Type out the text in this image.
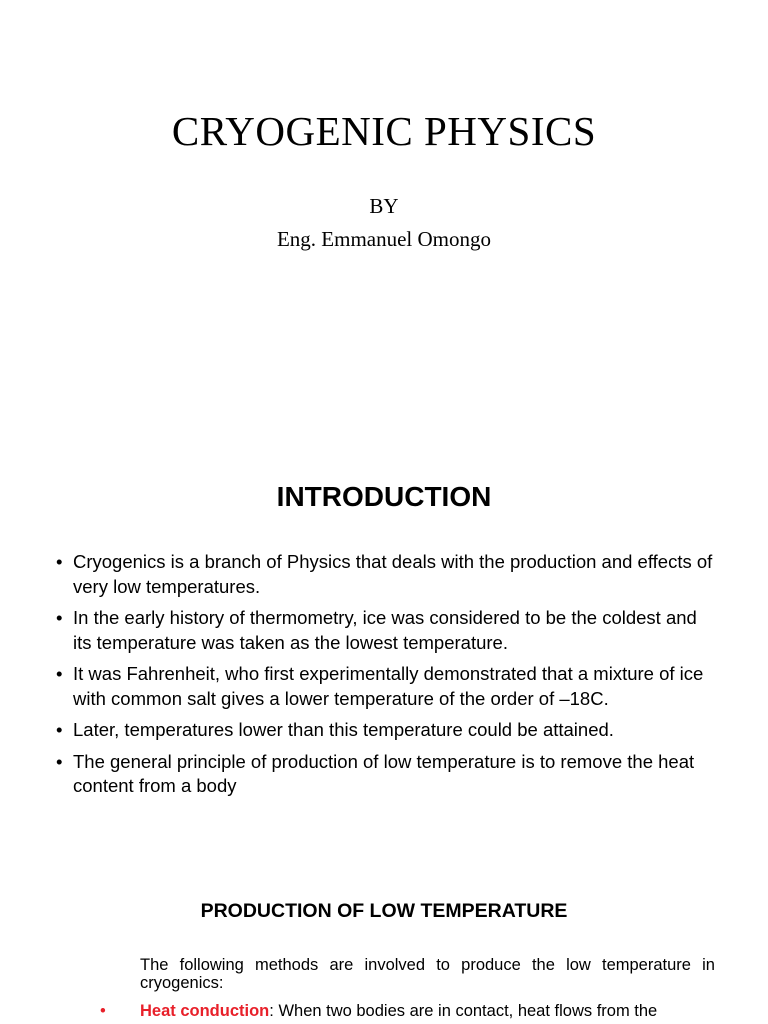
CRYOGENIC PHYSICS
BY
Eng. Emmanuel Omongo
INTRODUCTION
• Cryogenics is a branch of Physics that deals with the production and effects of very low temperatures.
• In the early history of thermometry, ice was considered to be the coldest and its temperature was taken as the lowest temperature.
• It was Fahrenheit, who first experimentally demonstrated that a mixture of ice with common salt gives a lower temperature of the order of –18C.
• Later, temperatures lower than this temperature could be attained.
• The general principle of production of low temperature is to remove the heat content from a body
PRODUCTION OF LOW TEMPERATURE

The following methods are involved to produce the low temperature in cryogenics:

• Heat conduction: When two bodies are in contact, heat flows from the
